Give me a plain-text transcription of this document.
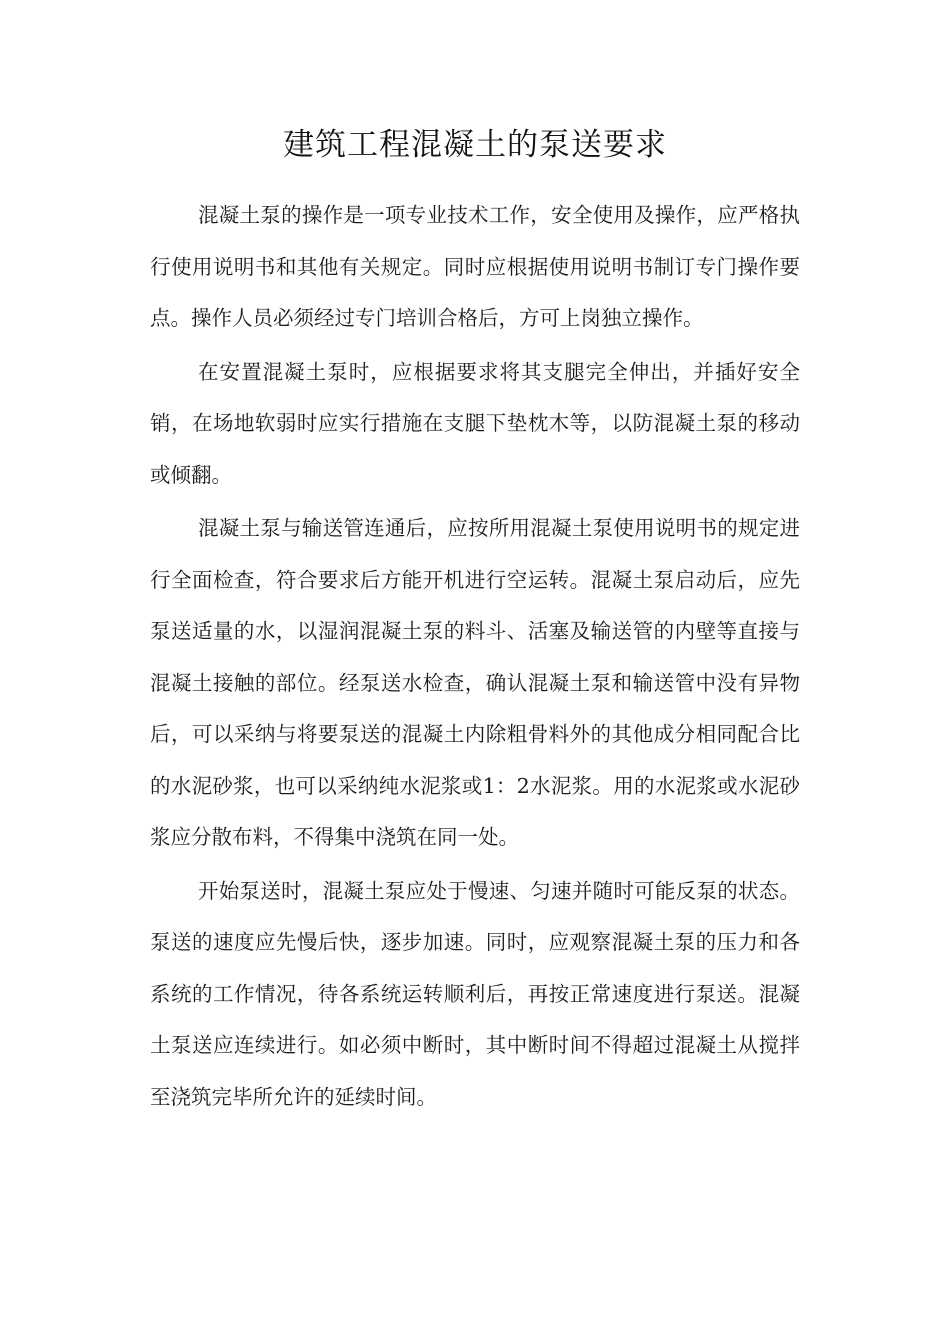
建筑工程混凝土的泵送要求

混凝土泵的操作是一项专业技术工作，安全使用及操作，应严格执行使用说明书和其他有关规定。同时应根据使用说明书制订专门操作要点。操作人员必须经过专门培训合格后，方可上岗独立操作。

在安置混凝土泵时，应根据要求将其支腿完全伸出，并插好安全销，在场地软弱时应实行措施在支腿下垫枕木等，以防混凝土泵的移动或倾翻。

混凝土泵与输送管连通后，应按所用混凝土泵使用说明书的规定进行全面检查，符合要求后方能开机进行空运转。混凝土泵启动后，应先泵送适量的水，以湿润混凝土泵的料斗、活塞及输送管的内壁等直接与混凝土接触的部位。经泵送水检查，确认混凝土泵和输送管中没有异物后，可以采纳与将要泵送的混凝土内除粗骨料外的其他成分相同配合比的水泥砂浆，也可以采纳纯水泥浆或1：2水泥浆。用的水泥浆或水泥砂浆应分散布料，不得集中浇筑在同一处。

开始泵送时，混凝土泵应处于慢速、匀速并随时可能反泵的状态。泵送的速度应先慢后快，逐步加速。同时，应观察混凝土泵的压力和各系统的工作情况，待各系统运转顺利后，再按正常速度进行泵送。混凝土泵送应连续进行。如必须中断时，其中断时间不得超过混凝土从搅拌至浇筑完毕所允许的延续时间。
